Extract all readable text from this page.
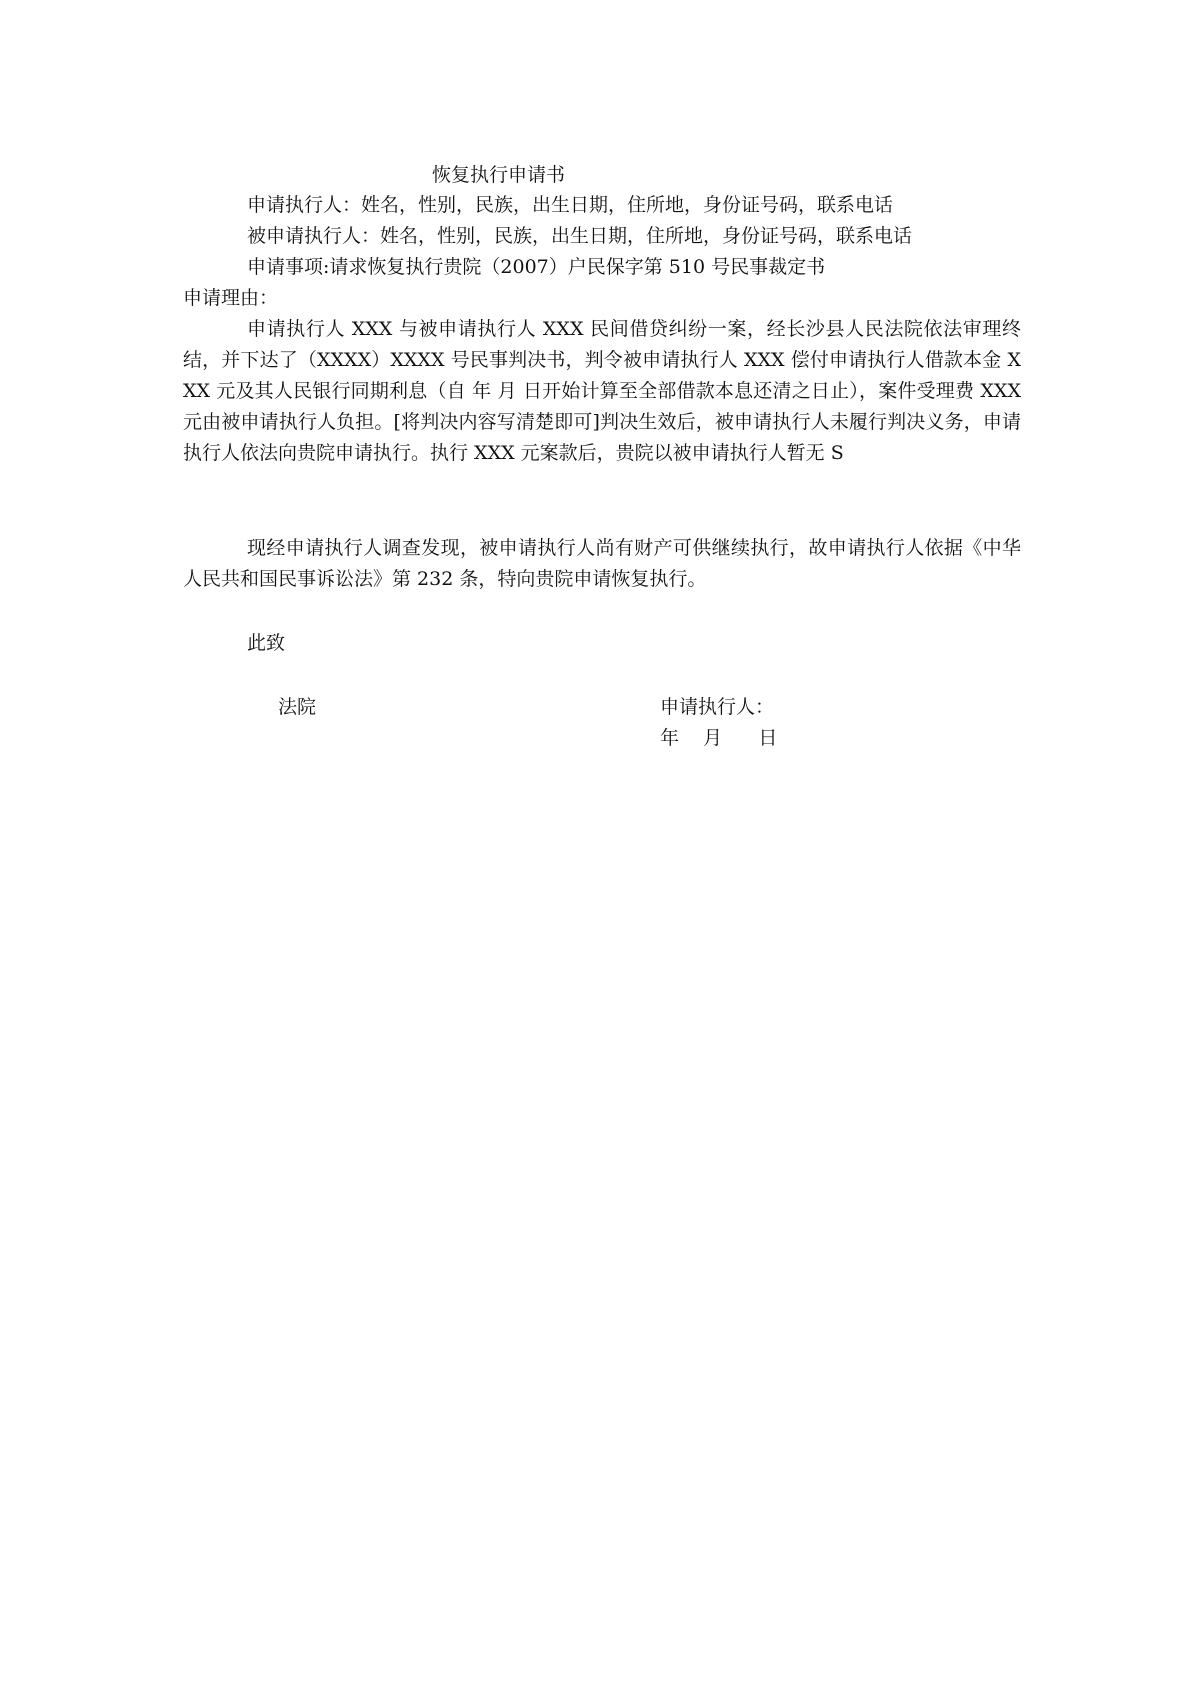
恢复执行申请书
申请执行人：姓名，性别，民族，出生日期，住所地，身份证号码，联系电话
被申请执行人：姓名，性别，民族，出生日期，住所地，身份证号码，联系电话
申请事项:请求恢复执行贵院（2007）户民保字第 510 号民事裁定书
申请理由：
申请执行人 XXX 与被申请执行人 XXX 民间借贷纠纷一案，经长沙县人民法院依法审理终结，并下达了（XXXX）XXXX 号民事判决书，判令被申请执行人 XXX 偿付申请执行人借款本金 XXX 元及其人民银行同期利息（自 年 月 日开始计算至全部借款本息还清之日止），案件受理费 XXX 元由被申请执行人负担。[将判决内容写清楚即可]判决生效后，被申请执行人未履行判决义务，申请执行人依法向贵院申请执行。执行 XXX 元案款后，贵院以被申请执行人暂无 S
现经申请执行人调查发现，被申请执行人尚有财产可供继续执行，故申请执行人依据《中华人民共和国民事诉讼法》第 232 条，特向贵院申请恢复执行。
此致
法院	申请执行人：
年    月      日
